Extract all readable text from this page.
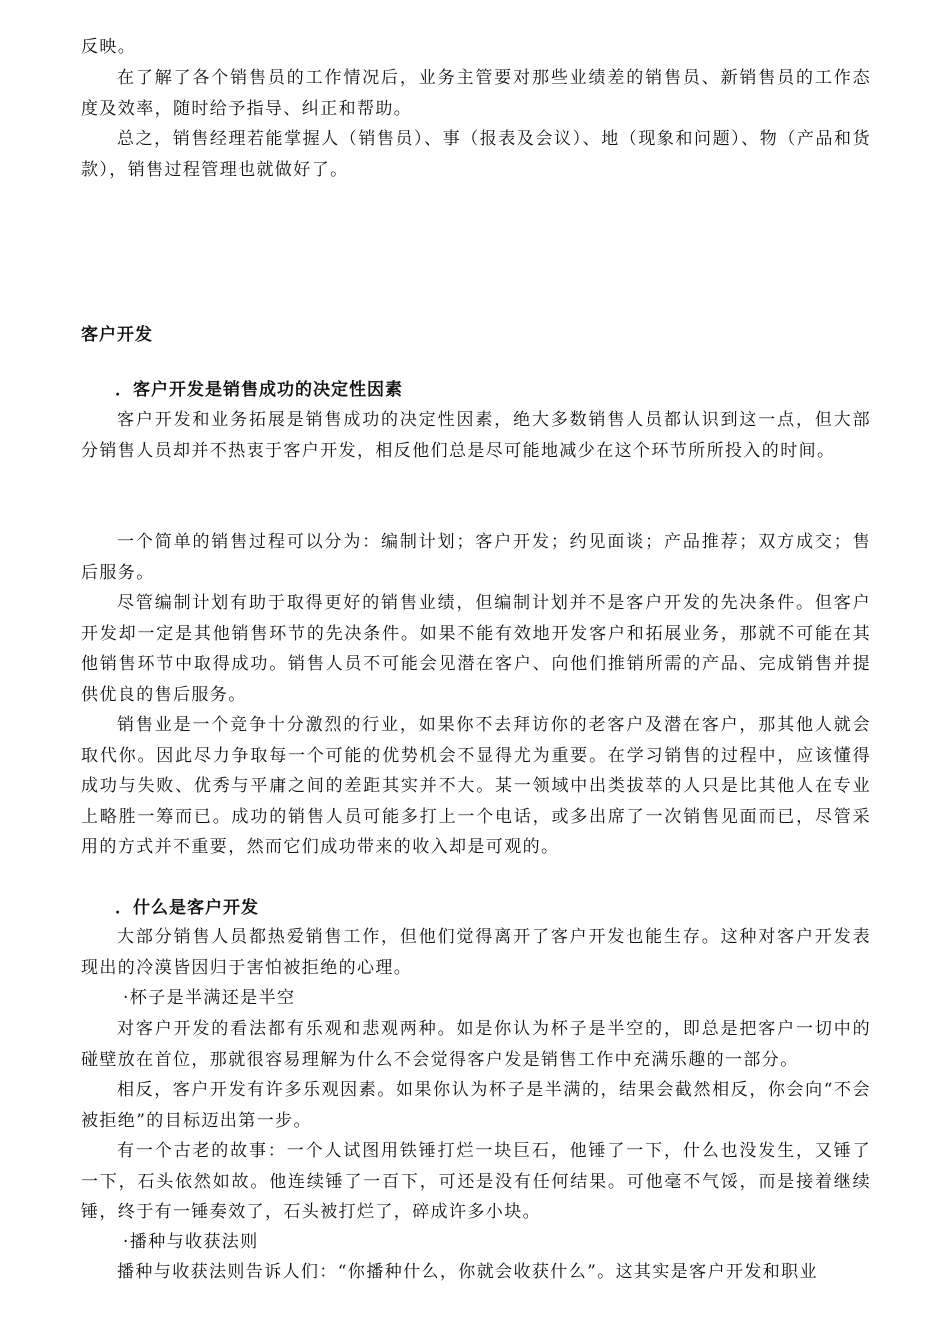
反映。

在了解了各个销售员的工作情况后，业务主管要对那些业绩差的销售员、新销售员的工作态度及效率，随时给予指导、纠正和帮助。

总之，销售经理若能掌握人（销售员）、事（报表及会议）、地（现象和问题）、物（产品和货款），销售过程管理也就做好了。

客户开发
．客户开发是销售成功的决定性因素

客户开发和业务拓展是销售成功的决定性因素，绝大多数销售人员都认识到这一点，但大部分销售人员却并不热衷于客户开发，相反他们总是尽可能地减少在这个环节所所投入的时间。

一个简单的销售过程可以分为：编制计划；客户开发；约见面谈；产品推荐；双方成交；售后服务。

尽管编制计划有助于取得更好的销售业绩，但编制计划并不是客户开发的先决条件。但客户开发却一定是其他销售环节的先决条件。如果不能有效地开发客户和拓展业务，那就不可能在其他销售环节中取得成功。销售人员不可能会见潜在客户、向他们推销所需的产品、完成销售并提供优良的售后服务。

销售业是一个竞争十分激烈的行业，如果你不去拜访你的老客户及潜在客户，那其他人就会取代你。因此尽力争取每一个可能的优势机会不显得尤为重要。在学习销售的过程中，应该懂得成功与失败、优秀与平庸之间的差距其实并不大。某一领域中出类拔萃的人只是比其他人在专业上略胜一筹而已。成功的销售人员可能多打上一个电话，或多出席了一次销售见面而已，尽管采用的方式并不重要，然而它们成功带来的收入却是可观的。

．什么是客户开发

大部分销售人员都热爱销售工作，但他们觉得离开了客户开发也能生存。这种对客户开发表现出的冷漠皆因归于害怕被拒绝的心理。

·杯子是半满还是半空

对客户开发的看法都有乐观和悲观两种。如是你认为杯子是半空的，即总是把客户一切中的碰壁放在首位，那就很容易理解为什么不会觉得客户发是销售工作中充满乐趣的一部分。

相反，客户开发有许多乐观因素。如果你认为杯子是半满的，结果会截然相反，你会向“不会被拒绝”的目标迈出第一步。

有一个古老的故事：一个人试图用铁锤打烂一块巨石，他锤了一下，什么也没发生，又锤了一下，石头依然如故。他连续锤了一百下，可还是没有任何结果。可他毫不气馁，而是接着继续锤，终于有一锤奏效了，石头被打烂了，碎成许多小块。

·播种与收获法则

播种与收获法则告诉人们：“你播种什么，你就会收获什么”。这其实是客户开发和职业
